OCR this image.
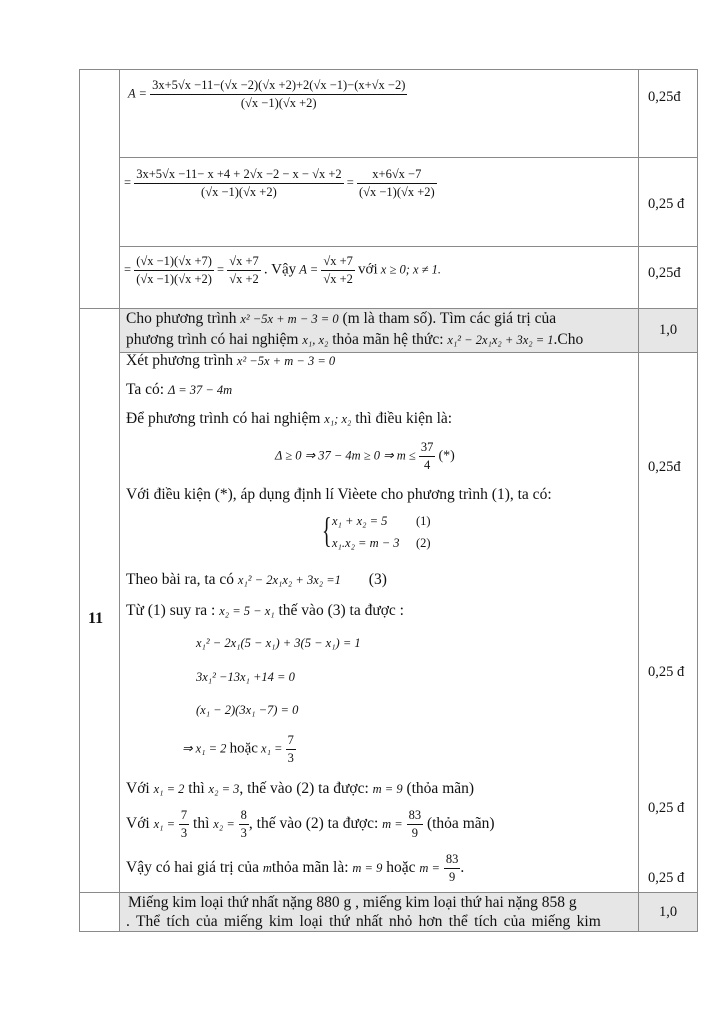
$A = \frac{3x+5√x -11-(√x -2)(√x +2)+2(√x -1)-(x+√x -2)}{(√x -1)(√x +2)}$	0,25đ
= $\frac{3x+5√x -11- x +4 + 2√x -2 - x - √x +2}{(√x -1)(√x +2)} = \frac{x+6√x -7}{(√x -1)(√x +2)}$
0,25 đ
= $\frac{(√x -1)(√x +7)}{(√x -1)(√x +2)} = \frac{√x +7}{√x +2}$ . Vậy $A = \frac{√x +7}{√x +2}$ với x ≥ 0; x ≠ 1.	0,25đ
Cho phương trình x² −5x + m − 3 = 0 (m là tham số). Tìm các giá trị của
phương trình có hai nghiệm x₁, x₂ thỏa mãn hệ thức: x₁² − 2x₁x₂ + 3x₂ = 1.Cho
1,0
11
Xét phương trình x² −5x + m − 3 = 0
Ta có: Δ = 37 − 4m
Để phương trình có hai nghiệm x₁; x₂ thì điều kiện là:
Δ ≥ 0 ⇒ 37 − 4m ≥ 0 ⇒ $m \le \frac{37}{4}$ (*)
Với điều kiện (*), áp dụng định lí Vièete cho phương trình (1), ta có:
{ x₁ + x₂ = 5 (1)
x₁.x₂ = m − 3 (2)
Theo bài ra, ta có x₁² − 2x₁x₂ + 3x₂ =1 (3)
Từ (1) suy ra : x₂ = 5 − x₁ thế vào (3) ta được :
x₁² − 2x₁(5 − x₁) + 3(5 − x₁) = 1
3x₁² −13x₁ +14 = 0
(x₁ − 2)(3x₁ −7) = 0
⇒ x₁ = 2 hoặc $x_1 = \frac{7}{3}$
Với x₁ = 2 thì x₂ = 3, thế vào (2) ta được: m = 9 (thỏa mãn)
Với $x_1 = \frac{7}{3}$ thì $x_2 = \frac{8}{3}$ , thế vào (2) ta được: $m = \frac{83}{9}$ (thỏa mãn)
Vậy có hai giá trị của mthỏa mãn là: m = 9 hoặc $m = \frac{83}{9}$ .
0,25đ
0,25 đ
0,25 đ
0,25 đ
Miếng kim loại thứ nhất nặng 880 g , miếng kim loại thứ hai nặng 858 g
. Thể tích của miếng kim loại thứ nhất nhỏ hơn thể tích của miếng kim
1,0
